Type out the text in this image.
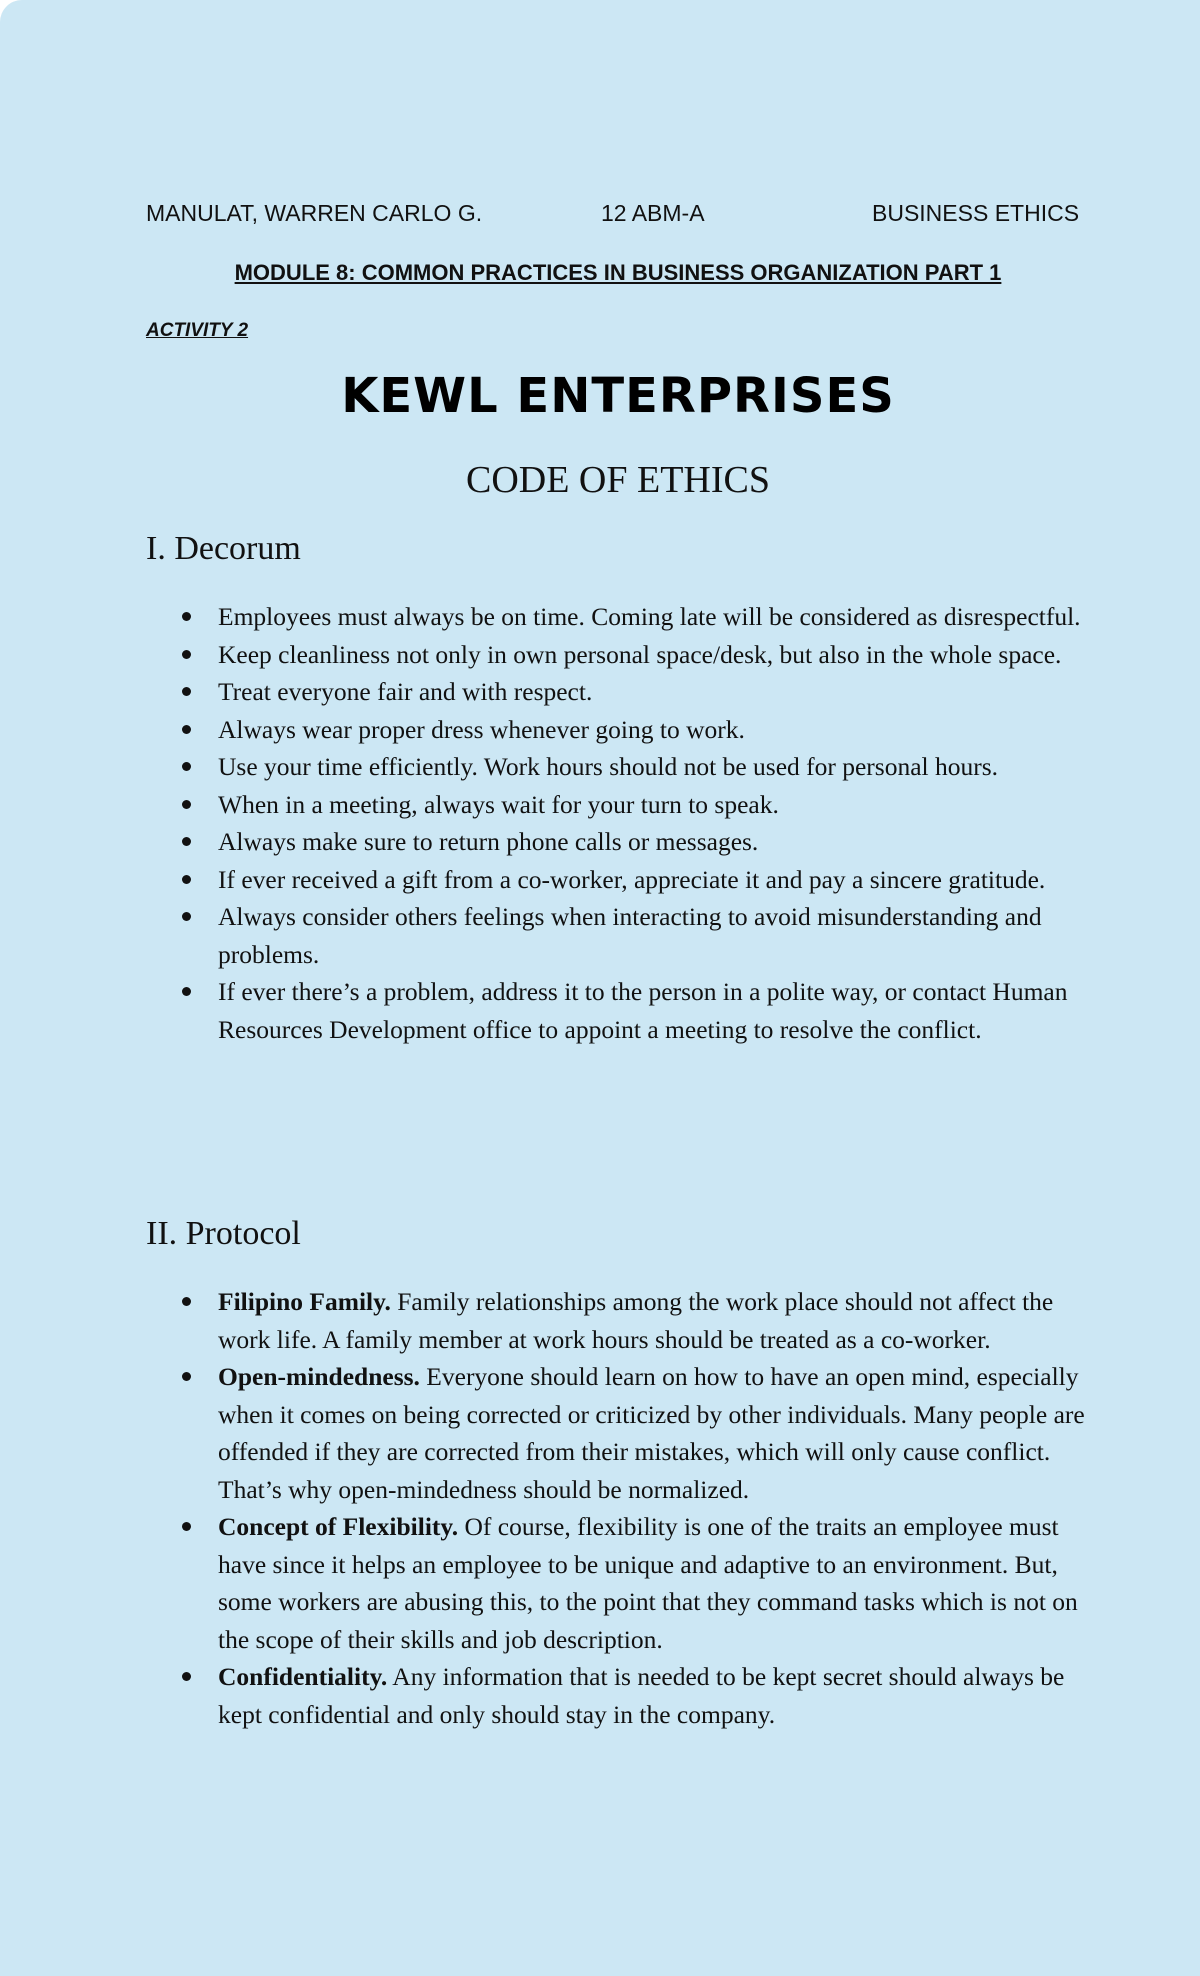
MANULAT, WARREN CARLO G.	12 ABM-A	BUSINESS ETHICS
MODULE 8: COMMON PRACTICES IN BUSINESS ORGANIZATION PART 1
ACTIVITY 2
KEWL ENTERPRISES
CODE OF ETHICS
I. Decorum
Employees must always be on time. Coming late will be considered as disrespectful.
Keep cleanliness not only in own personal space/desk, but also in the whole space.
Treat everyone fair and with respect.
Always wear proper dress whenever going to work.
Use your time efficiently. Work hours should not be used for personal hours.
When in a meeting, always wait for your turn to speak.
Always make sure to return phone calls or messages.
If ever received a gift from a co-worker, appreciate it and pay a sincere gratitude.
Always consider others feelings when interacting to avoid misunderstanding and problems.
If ever there’s a problem, address it to the person in a polite way, or contact Human Resources Development office to appoint a meeting to resolve the conflict.
II. Protocol
Filipino Family. Family relationships among the work place should not affect the work life. A family member at work hours should be treated as a co-worker.
Open-mindedness. Everyone should learn on how to have an open mind, especially when it comes on being corrected or criticized by other individuals. Many people are offended if they are corrected from their mistakes, which will only cause conflict. That’s why open-mindedness should be normalized.
Concept of Flexibility. Of course, flexibility is one of the traits an employee must have since it helps an employee to be unique and adaptive to an environment. But, some workers are abusing this, to the point that they command tasks which is not on the scope of their skills and job description.
Confidentiality. Any information that is needed to be kept secret should always be kept confidential and only should stay in the company.
